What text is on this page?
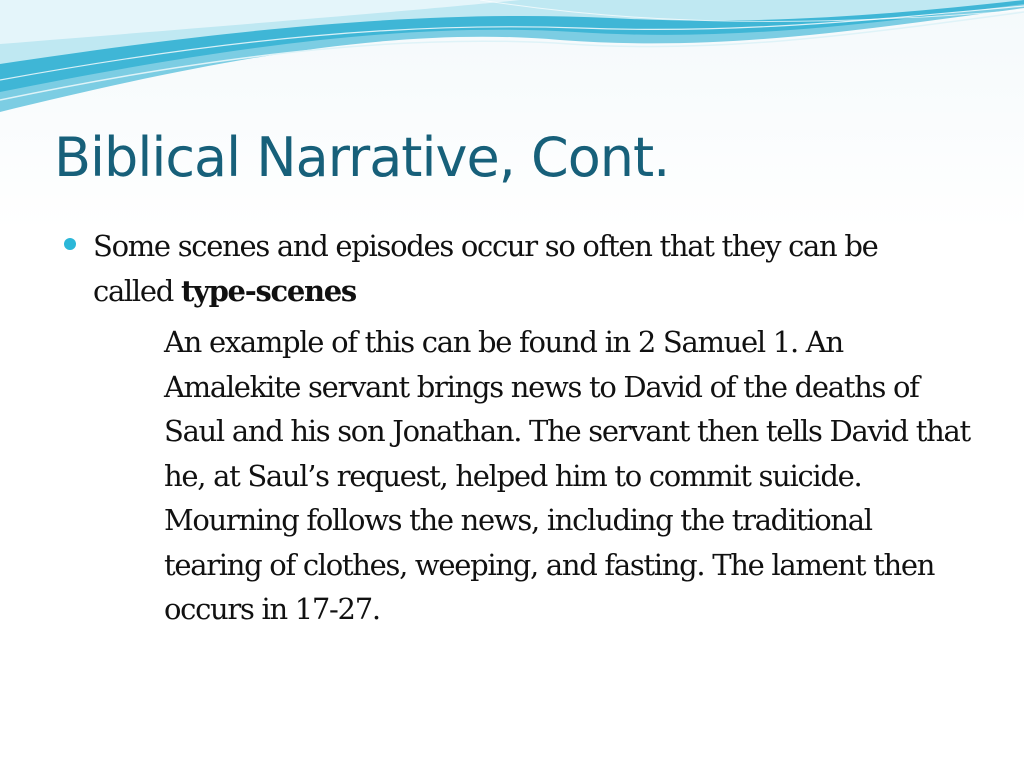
Biblical Narrative, Cont.

Some scenes and episodes occur so often that they can be called type-scenes

An example of this can be found in 2 Samuel 1. An Amalekite servant brings news to David of the deaths of Saul and his son Jonathan. The servant then tells David that he, at Saul’s request, helped him to commit suicide. Mourning follows the news, including the traditional tearing of clothes, weeping, and fasting. The lament then occurs in 17-27.
